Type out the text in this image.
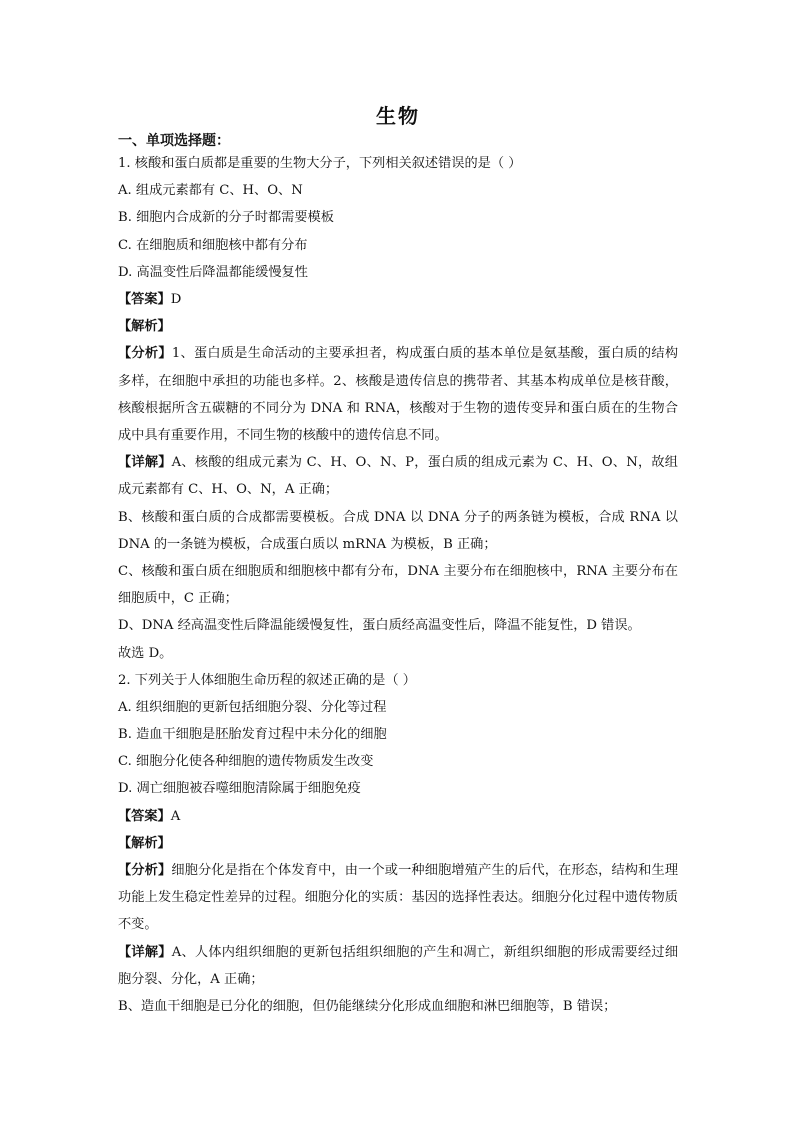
生物
一、单项选择题：
1. 核酸和蛋白质都是重要的生物大分子，下列相关叙述错误的是（ ）
A. 组成元素都有 C、H、O、N
B. 细胞内合成新的分子时都需要模板
C. 在细胞质和细胞核中都有分布
D. 高温变性后降温都能缓慢复性
【答案】D
【解析】
【分析】1、蛋白质是生命活动的主要承担者，构成蛋白质的基本单位是氨基酸，蛋白质的结构多样，在细胞中承担的功能也多样。2、核酸是遗传信息的携带者、其基本构成单位是核苷酸，核酸根据所含五碳糖的不同分为 DNA 和 RNA，核酸对于生物的遗传变异和蛋白质在的生物合成中具有重要作用，不同生物的核酸中的遗传信息不同。
【详解】A、核酸的组成元素为 C、H、O、N、P，蛋白质的组成元素为 C、H、O、N，故组成元素都有 C、H、O、N，A 正确；
B、核酸和蛋白质的合成都需要模板。合成 DNA 以 DNA 分子的两条链为模板，合成 RNA 以 DNA 的一条链为模板，合成蛋白质以 mRNA 为模板，B 正确；
C、核酸和蛋白质在细胞质和细胞核中都有分布，DNA 主要分布在细胞核中，RNA 主要分布在细胞质中，C 正确；
D、DNA 经高温变性后降温能缓慢复性，蛋白质经高温变性后，降温不能复性，D 错误。
故选 D。
2. 下列关于人体细胞生命历程的叙述正确的是（ ）
A. 组织细胞的更新包括细胞分裂、分化等过程
B. 造血干细胞是胚胎发育过程中未分化的细胞
C. 细胞分化使各种细胞的遗传物质发生改变
D. 凋亡细胞被吞噬细胞清除属于细胞免疫
【答案】A
【解析】
【分析】细胞分化是指在个体发育中，由一个或一种细胞增殖产生的后代，在形态，结构和生理功能上发生稳定性差异的过程。细胞分化的实质：基因的选择性表达。细胞分化过程中遗传物质不变。
【详解】A、人体内组织细胞的更新包括组织细胞的产生和凋亡，新组织细胞的形成需要经过细胞分裂、分化，A 正确；
B、造血干细胞是已分化的细胞，但仍能继续分化形成血细胞和淋巴细胞等，B 错误；
